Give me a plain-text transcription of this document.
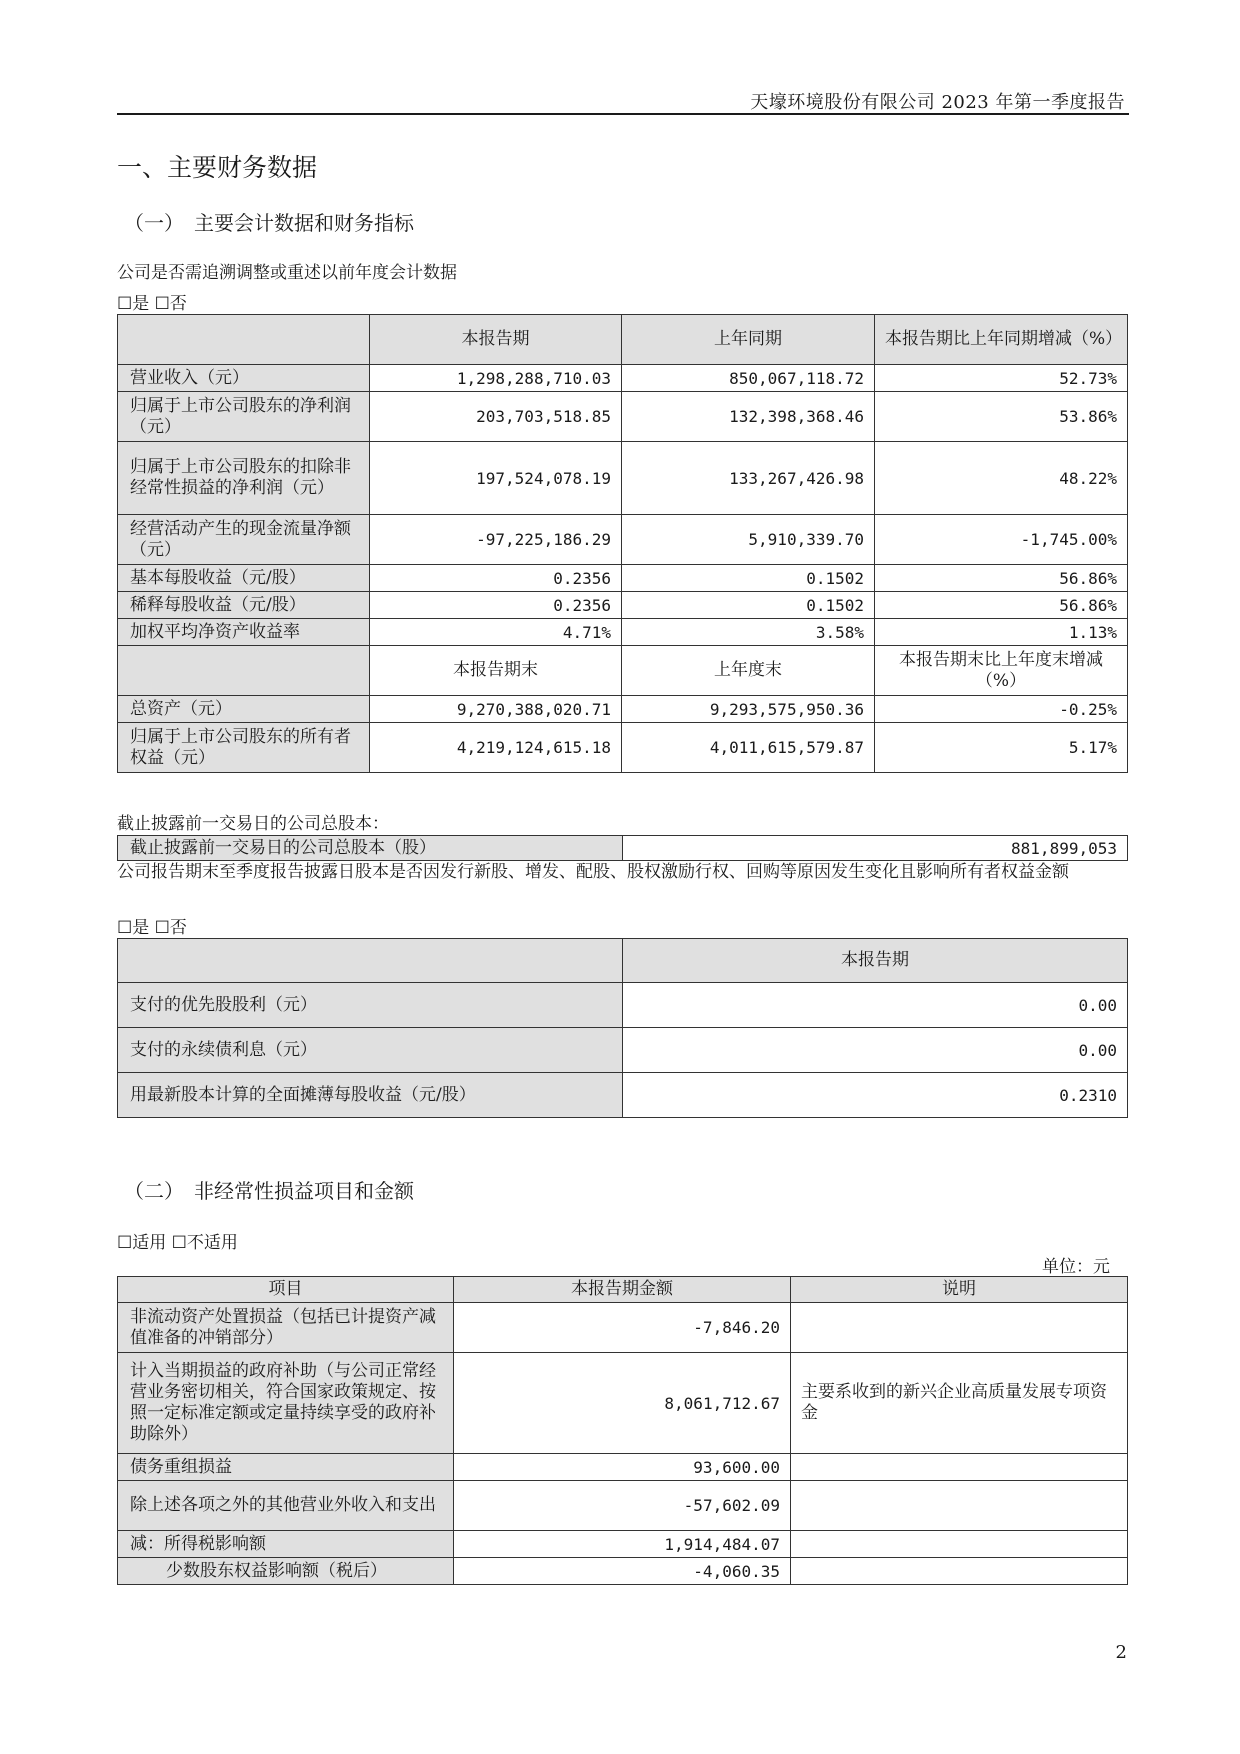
天壕环境股份有限公司 2023 年第一季度报告
一、主要财务数据
（一）　主要会计数据和财务指标
公司是否需追溯调整或重述以前年度会计数据
☐是 ☐否
	本报告期	上年同期	本报告期比上年同期增减（%）
营业收入（元）	1,298,288,710.03	850,067,118.72	52.73%
归属于上市公司股东的净利润（元）	203,703,518.85	132,398,368.46	53.86%
归属于上市公司股东的扣除非经常性损益的净利润（元）	197,524,078.19	133,267,426.98	48.22%
经营活动产生的现金流量净额（元）	-97,225,186.29	5,910,339.70	-1,745.00%
基本每股收益（元/股）	0.2356	0.1502	56.86%
稀释每股收益（元/股）	0.2356	0.1502	56.86%
加权平均净资产收益率	4.71%	3.58%	1.13%
	本报告期末	上年度末	本报告期末比上年度末增减（%）
总资产（元）	9,270,388,020.71	9,293,575,950.36	-0.25%
归属于上市公司股东的所有者权益（元）	4,219,124,615.18	4,011,615,579.87	5.17%
截止披露前一交易日的公司总股本：
截止披露前一交易日的公司总股本（股）	881,899,053
公司报告期末至季度报告披露日股本是否因发行新股、增发、配股、股权激励行权、回购等原因发生变化且影响所有者权益金额
☐是 ☐否
	本报告期
支付的优先股股利（元）	0.00
支付的永续债利息（元）	0.00
用最新股本计算的全面摊薄每股收益（元/股）	0.2310
（二）　非经常性损益项目和金额
☐适用 ☐不适用
单位：元
项目	本报告期金额	说明
非流动资产处置损益（包括已计提资产减值准备的冲销部分）	-7,846.20	
计入当期损益的政府补助（与公司正常经营业务密切相关，符合国家政策规定、按照一定标准定额或定量持续享受的政府补助除外）	8,061,712.67	主要系收到的新兴企业高质量发展专项资金
债务重组损益	93,600.00	
除上述各项之外的其他营业外收入和支出	-57,602.09	
减：所得税影响额	1,914,484.07	
少数股东权益影响额（税后）	-4,060.35	
2
